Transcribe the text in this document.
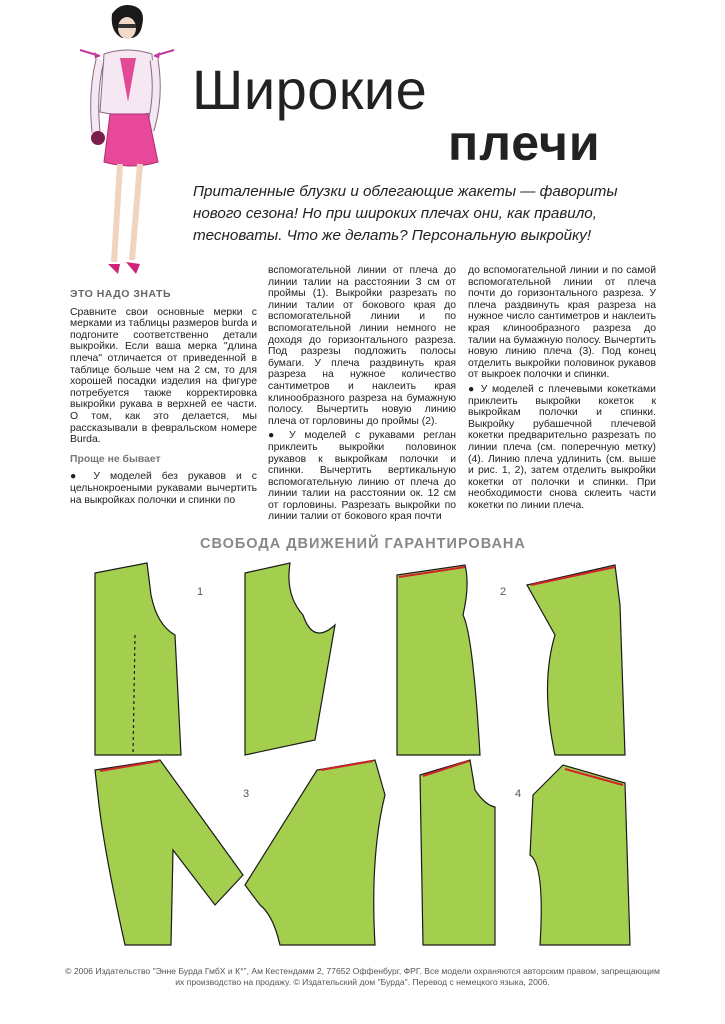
Широкие
плечи
Приталенные блузки и облегающие жакеты — фавориты нового сезона! Но при широких плечах они, как правило, тесноваты. Что же делать? Персональную выкройку!
ЭТО НАДО ЗНАТЬ

Сравните свои основные мерки с мерками из таблицы размеров burda и подгоните соответственно детали выкройки. Если ваша мерка "длина плеча" отличается от приведенной в таблице больше чем на 2 см, то для хорошей посадки изделия на фигуре потребуется также корректировка выкройки рукава в верхней ее части. О том, как это делается, мы рассказывали в февральском номере Burda.

Проще не бывает

● У моделей без рукавов и с цельнокроеными рукавами вычертить на выкройках полочки и спинки по

вспомогательной линии от плеча до линии талии на расстоянии 3 см от проймы (1). Выкройки разрезать по линии талии от бокового края до вспомогательной линии и по вспомогательной линии немного не доходя до горизонтального разреза. Под разрезы подложить полосы бумаги. У плеча раздвинуть края разреза на нужное количество сантиметров и наклеить края клинообразного разреза на бумажную полосу. Вычертить новую линию плеча от горловины до проймы (2).

● У моделей с рукавами реглан приклеить выкройки половинок рукавов к выкройкам полочки и спинки. Вычертить вертикальную вспомогательную линию от плеча до линии талии на расстоянии ок. 12 см от горловины. Разрезать выкройки по линии талии от бокового края почти

до вспомогательной линии и по самой вспомогательной линии от плеча почти до горизонтального разреза. У плеча раздвинуть края разреза на нужное число сантиметров и наклеить края клинообразного разреза до талии на бумажную полосу. Вычертить новую линию плеча (3). Под конец отделить выкройки половинок рукавов от выкроек полочки и спинки.

● У моделей с плечевыми кокетками приклеить выкройки кокеток к выкройкам полочки и спинки. Выкройку рубашечной плечевой кокетки предварительно разрезать по линии плеча (см. поперечную метку) (4). Линию плеча удлинить (см. выше и рис. 1, 2), затем отделить выкройки кокетки от полочки и спинки. При необходимости снова склеить части кокетки по линии плеча.

СВОБОДА ДВИЖЕНИЙ ГАРАНТИРОВАНА
1	2
3	4
© 2006 Издательство "Энне Бурда ГмбХ и К°", Ам Кестендамм 2, 77652 Оффенбург, ФРГ. Все модели охраняются авторским правом, запрещающим их производство на продажу. © Издательский дом "Бурда". Перевод с немецкого языка, 2006.
